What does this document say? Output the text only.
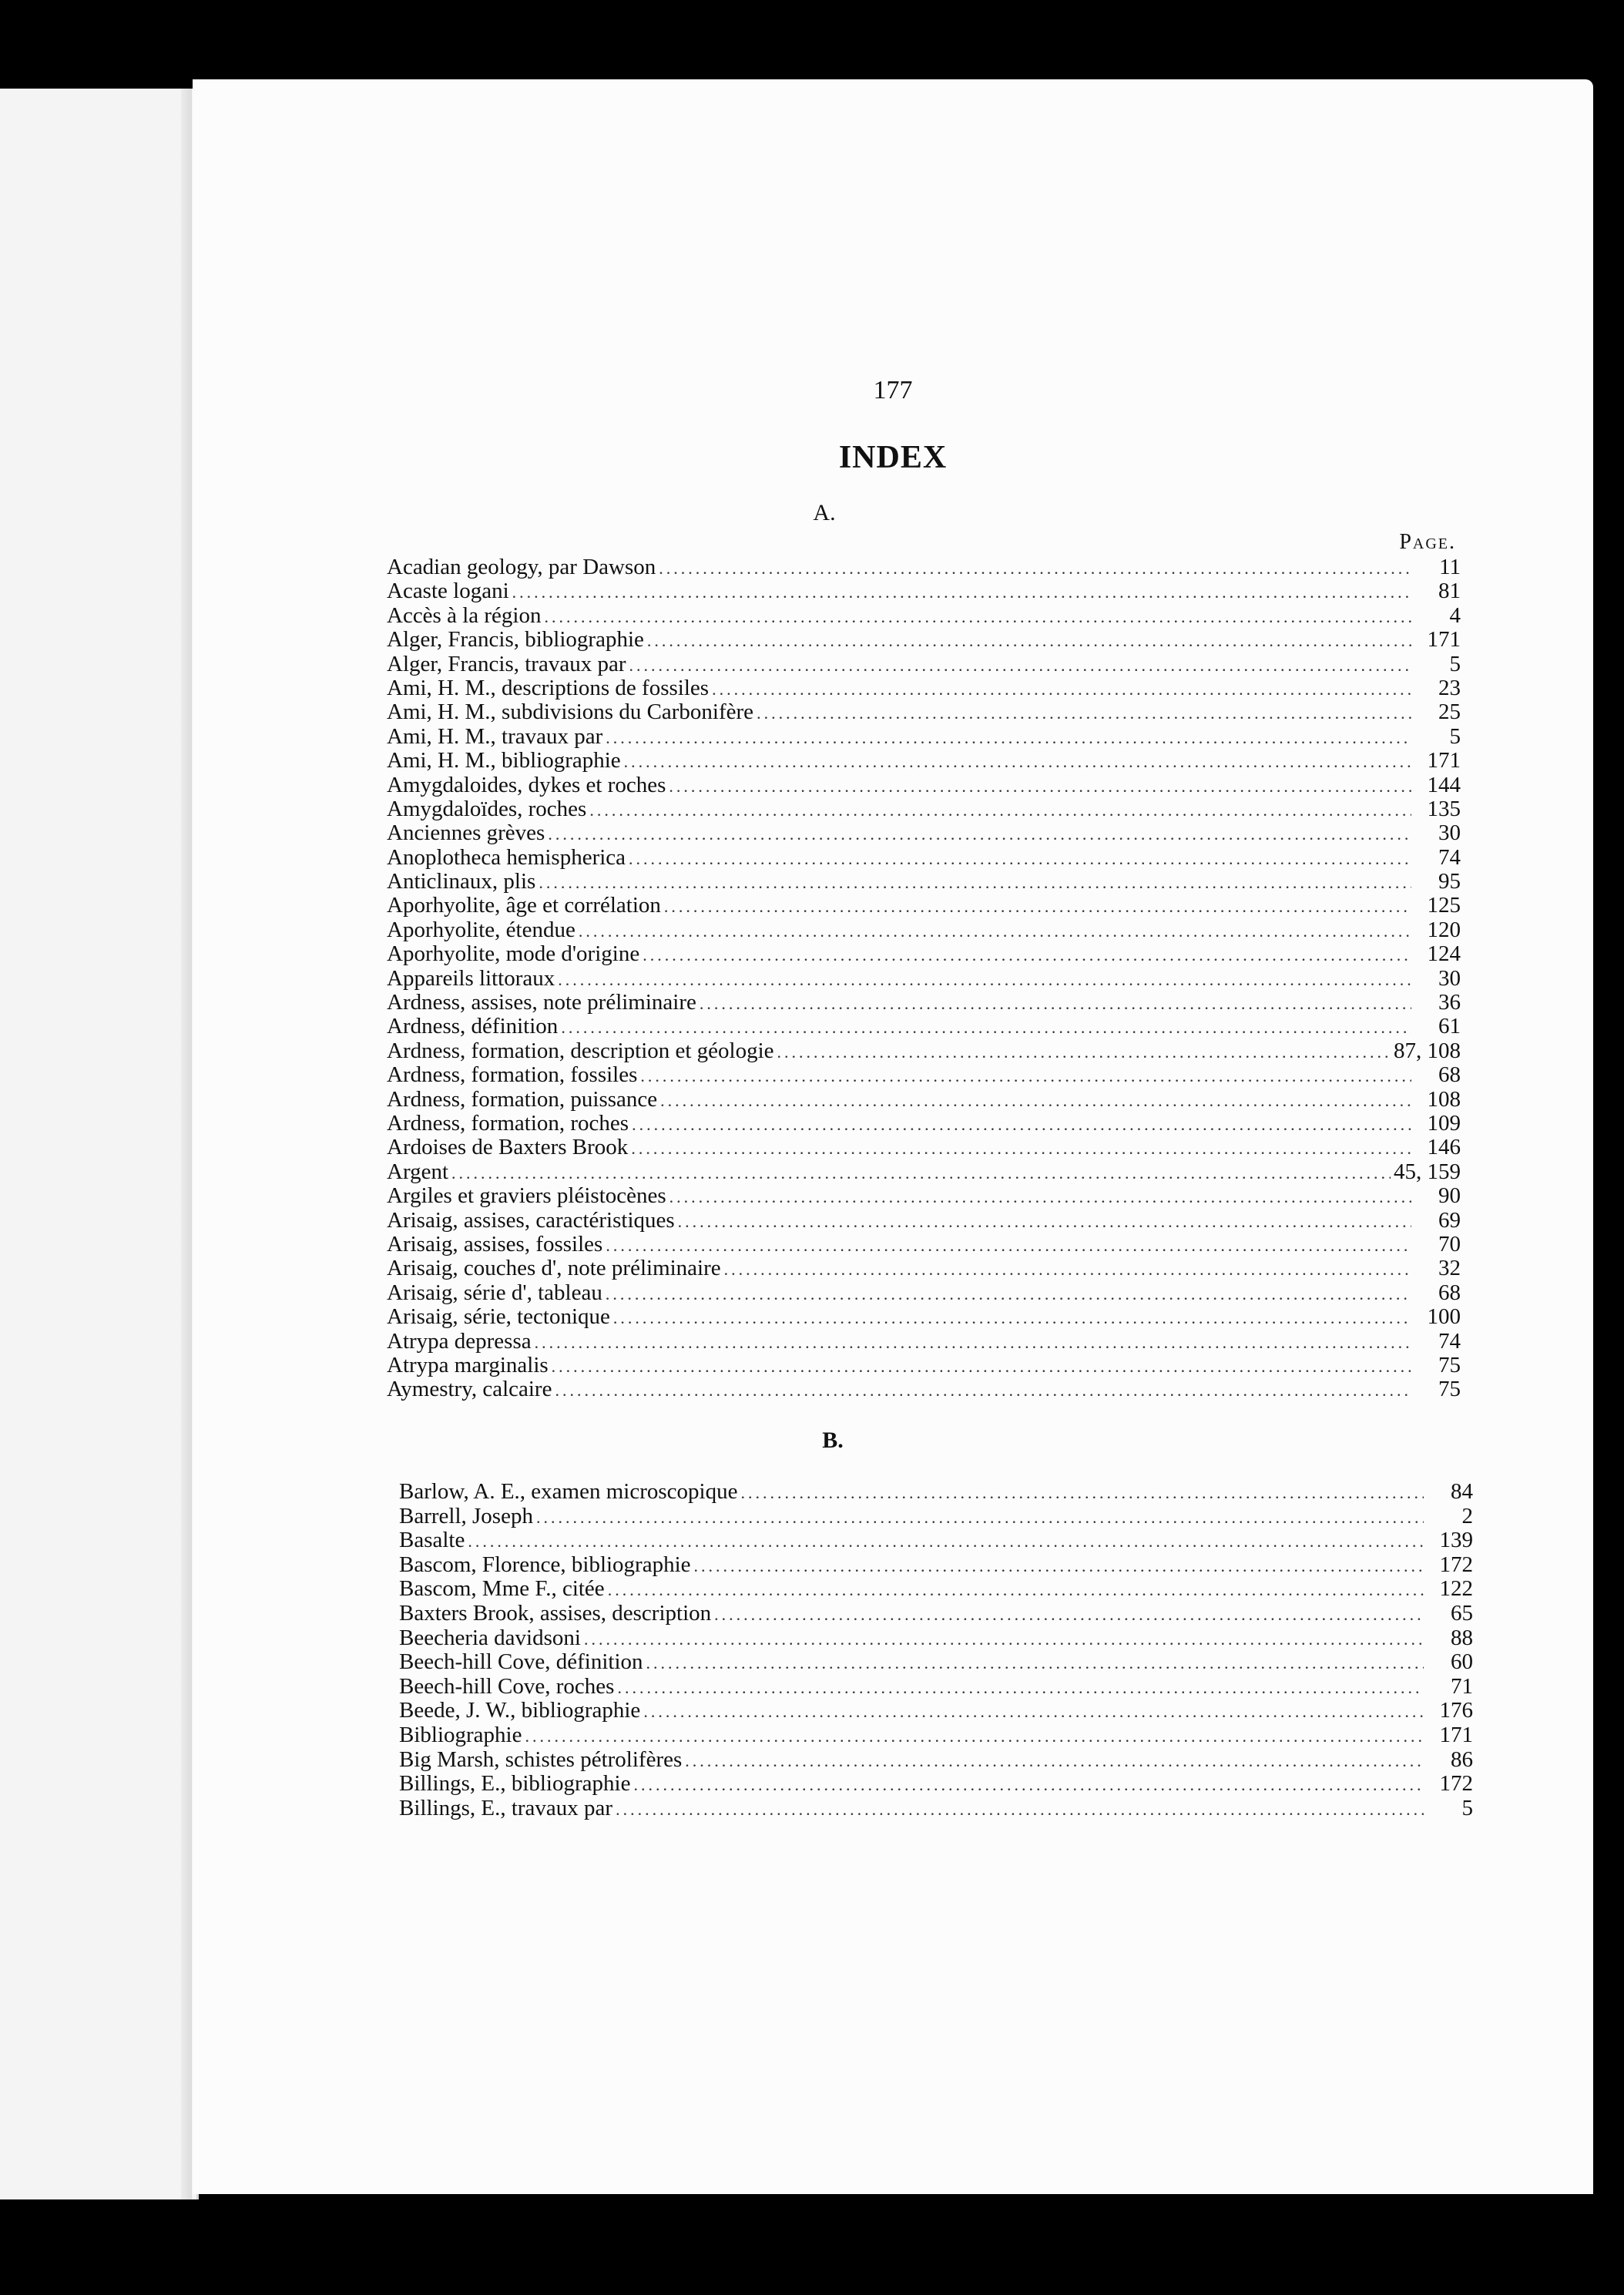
177
INDEX
A.
Page.
Acadian geology, par Dawson .....	11
Acaste logani .....	81
Accès à la région .....	4
Alger, Francis, bibliographie .....	171
Alger, Francis, travaux par .....	5
Ami, H. M., descriptions de fossiles .....	23
Ami, H. M., subdivisions du Carbonifère .....	25
Ami, H. M., travaux par .....	5
Ami, H. M., bibliographie .....	171
Amygdaloides, dykes et roches .....	144
Amygdaloïdes, roches .....	135
Anciennes grèves .....	30
Anoplotheca hemispherica .....	74
Anticlinaux, plis .....	95
Aporhyolite, âge et corrélation .....	125
Aporhyolite, étendue .....	120
Aporhyolite, mode d'origine .....	124
Appareils littoraux .....	30
Ardness, assises, note préliminaire .....	36
Ardness, définition .....	61
Ardness, formation, description et géologie .....	87, 108
Ardness, formation, fossiles .....	68
Ardness, formation, puissance .....	108
Ardness, formation, roches .....	109
Ardoises de Baxters Brook .....	146
Argent .....	45, 159
Argiles et graviers pléistocènes .....	90
Arisaig, assises, caractéristiques .....	69
Arisaig, assises, fossiles .....	70
Arisaig, couches d', note préliminaire .....	32
Arisaig, série d', tableau .....	68
Arisaig, série, tectonique .....	100
Atrypa depressa .....	74
Atrypa marginalis .....	75
Aymestry, calcaire .....	75
B.
Barlow, A. E., examen microscopique .....	84
Barrell, Joseph .....	2
Basalte .....	139
Bascom, Florence, bibliographie .....	172
Bascom, Mme F., citée .....	122
Baxters Brook, assises, description .....	65
Beecheria davidsoni .....	88
Beech-hill Cove, définition .....	60
Beech-hill Cove, roches .....	71
Beede, J. W., bibliographie .....	176
Bibliographie .....	171
Big Marsh, schistes pétrolifères .....	86
Billings, E., bibliographie .....	172
Billings, E., travaux par .....	5
